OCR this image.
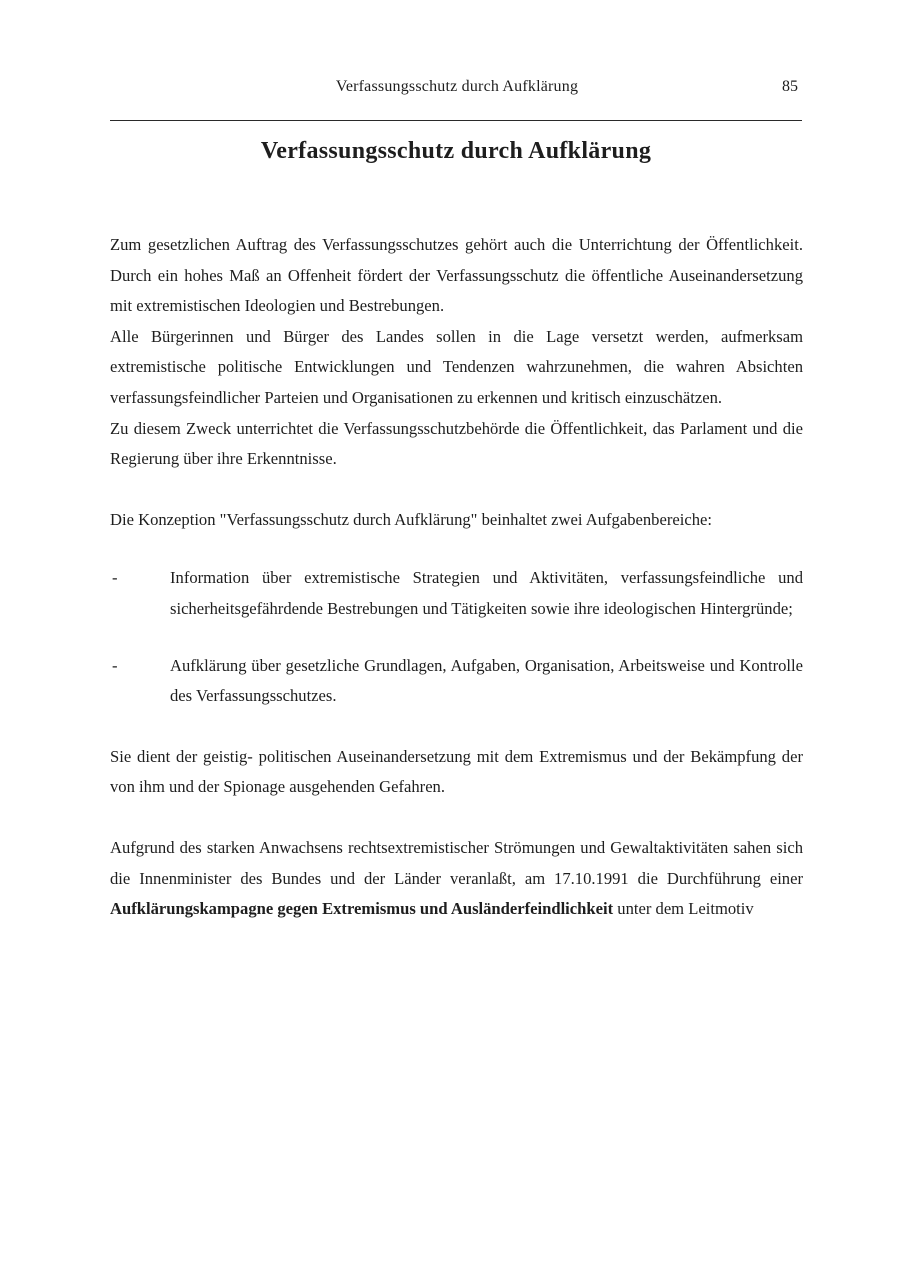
Verfassungsschutz durch Aufklärung	85
Verfassungsschutz durch Aufklärung

Zum gesetzlichen Auftrag des Verfassungsschutzes gehört auch die Unterrichtung der Öffentlichkeit. Durch ein hohes Maß an Offenheit fördert der Verfassungsschutz die öffentliche Auseinandersetzung mit extremistischen Ideologien und Bestrebungen.

Alle Bürgerinnen und Bürger des Landes sollen in die Lage versetzt werden, aufmerksam extremistische politische Entwicklungen und Tendenzen wahrzunehmen, die wahren Absichten verfassungsfeindlicher Parteien und Organisationen zu erkennen und kritisch einzuschätzen.

Zu diesem Zweck unterrichtet die Verfassungsschutzbehörde die Öffentlichkeit, das Parlament und die Regierung über ihre Erkenntnisse.

Die Konzeption "Verfassungsschutz durch Aufklärung" beinhaltet zwei Aufgabenbereiche:

-	Information über extremistische Strategien und Aktivitäten, verfassungsfeindliche und sicherheitsgefährdende Bestrebungen und Tätigkeiten sowie ihre ideologischen Hintergründe;
-	Aufklärung über gesetzliche Grundlagen, Aufgaben, Organisation, Arbeitsweise und Kontrolle des Verfassungsschutzes.

Sie dient der geistig- politischen Auseinandersetzung mit dem Extremismus und der Bekämpfung der von ihm und der Spionage ausgehenden Gefahren.

Aufgrund des starken Anwachsens rechtsextremistischer Strömungen und Gewaltaktivitäten sahen sich die Innenminister des Bundes und der Länder veranlaßt, am 17.10.1991 die Durchführung einer Aufklärungskampagne gegen Extremismus und Ausländerfeindlichkeit unter dem Leitmotiv
